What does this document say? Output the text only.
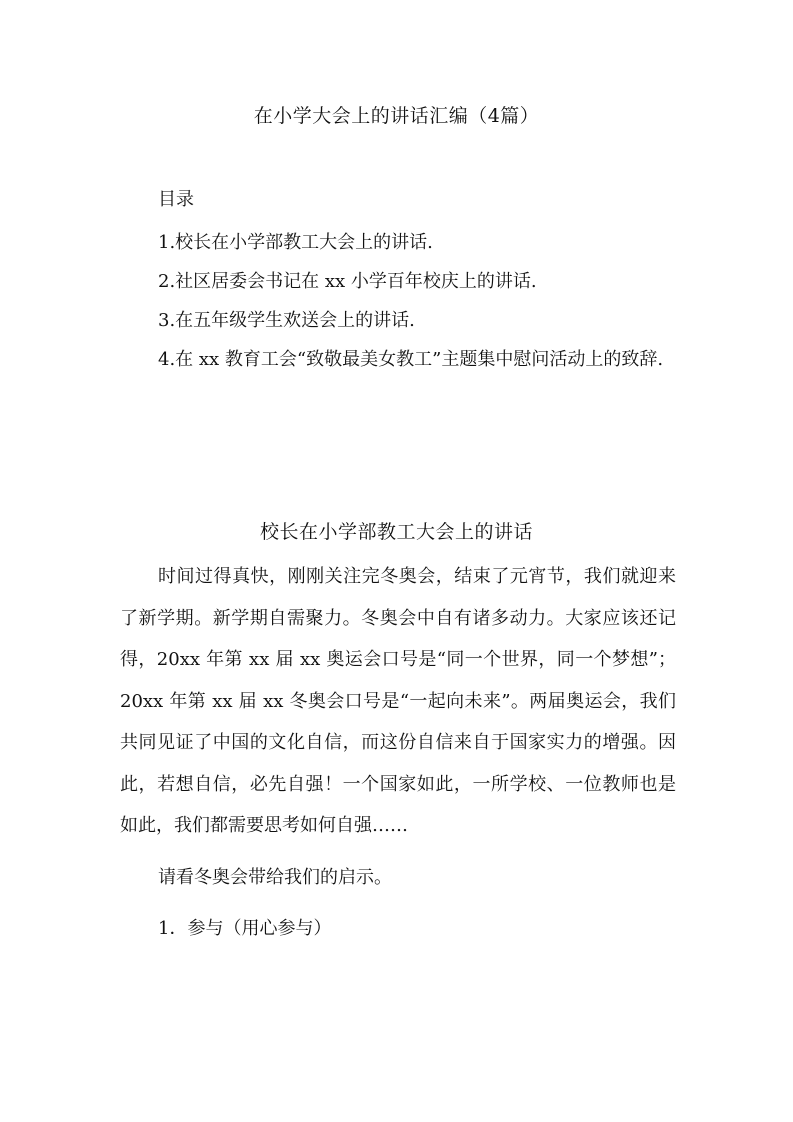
在小学大会上的讲话汇编（4篇）
目录
1.校长在小学部教工大会上的讲话.
2.社区居委会书记在 xx 小学百年校庆上的讲话.
3.在五年级学生欢送会上的讲话.
4.在 xx 教育工会“致敬最美女教工”主题集中慰问活动上的致辞.
校长在小学部教工大会上的讲话

时间过得真快，刚刚关注完冬奥会，结束了元宵节，我们就迎来了新学期。新学期自需聚力。冬奥会中自有诸多动力。大家应该还记得，20xx 年第 xx 届 xx 奥运会口号是“同一个世界，同一个梦想”；20xx 年第 xx 届 xx 冬奥会口号是“一起向未来”。两届奥运会，我们共同见证了中国的文化自信，而这份自信来自于国家实力的增强。因此，若想自信，必先自强！一个国家如此，一所学校、一位教师也是如此，我们都需要思考如何自强……

请看冬奥会带给我们的启示。

1．参与（用心参与）
